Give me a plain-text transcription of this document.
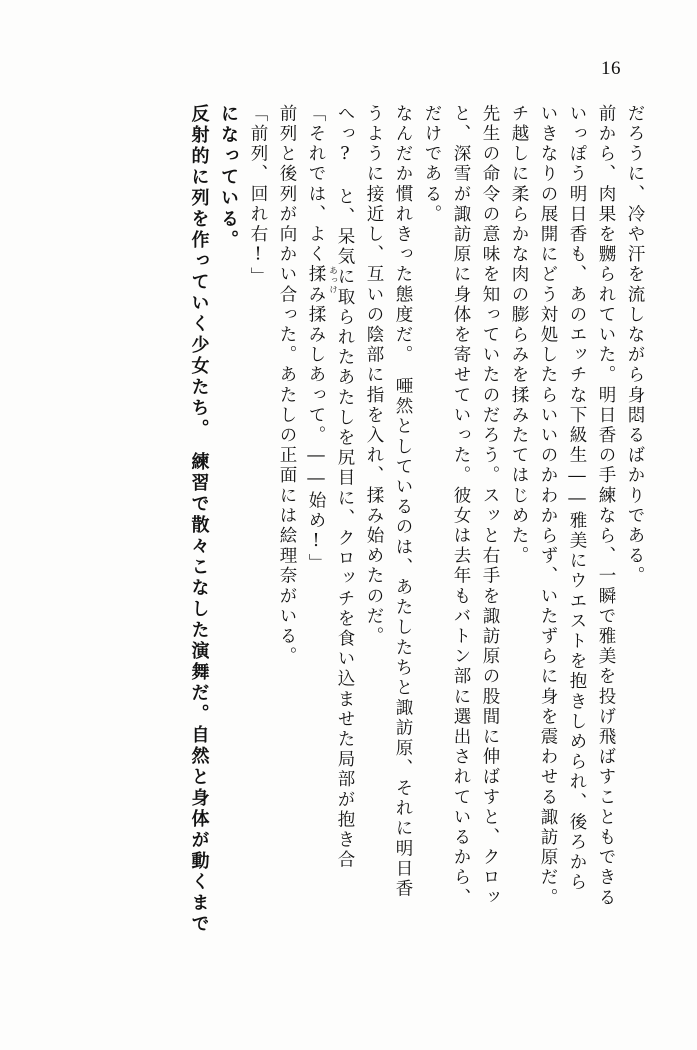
16
反射的に列を作っていく少女たち。　練習で散々こなした演舞だ。自然と身体が動くまで になっている。 「前列、回れ右!」 前列と後列が向かい合った。あたしの正面には絵理奈がいる。 「それでは、よく揉み揉みしあって。――始め!」 へっ?　と、呆気に取られたあたしを尻目に、クロッチを食い込ませた局部が抱き合 うように接近し、互いの陰部に指を入れ、揉み始めたのだ。 なんだか慣れきった態度だ。　唖然としているのは、あたしたちと諏訪原、それに明日香 だけである。 と、深雪が諏訪原に身体を寄せていった。彼女は去年もバトン部に選出されているから、 先生の命令の意味を知っていたのだろう。スッと右手を諏訪原の股間に伸ばすと、クロッ チ越しに柔らかな肉の膨らみを揉みたてはじめた。 いきなりの展開にどう対処したらいいのかわからず、いたずらに身を震わせる諏訪原だ。 いっぽう明日香も、あのエッチな下級生――雅美にウエストを抱きしめられ、後ろから 前から、肉果を嬲られていた。明日香の手練なら、一瞬で雅美を投げ飛ばすこともできる だろうに、冷や汗を流しながら身悶るばかりである。
あっけ
